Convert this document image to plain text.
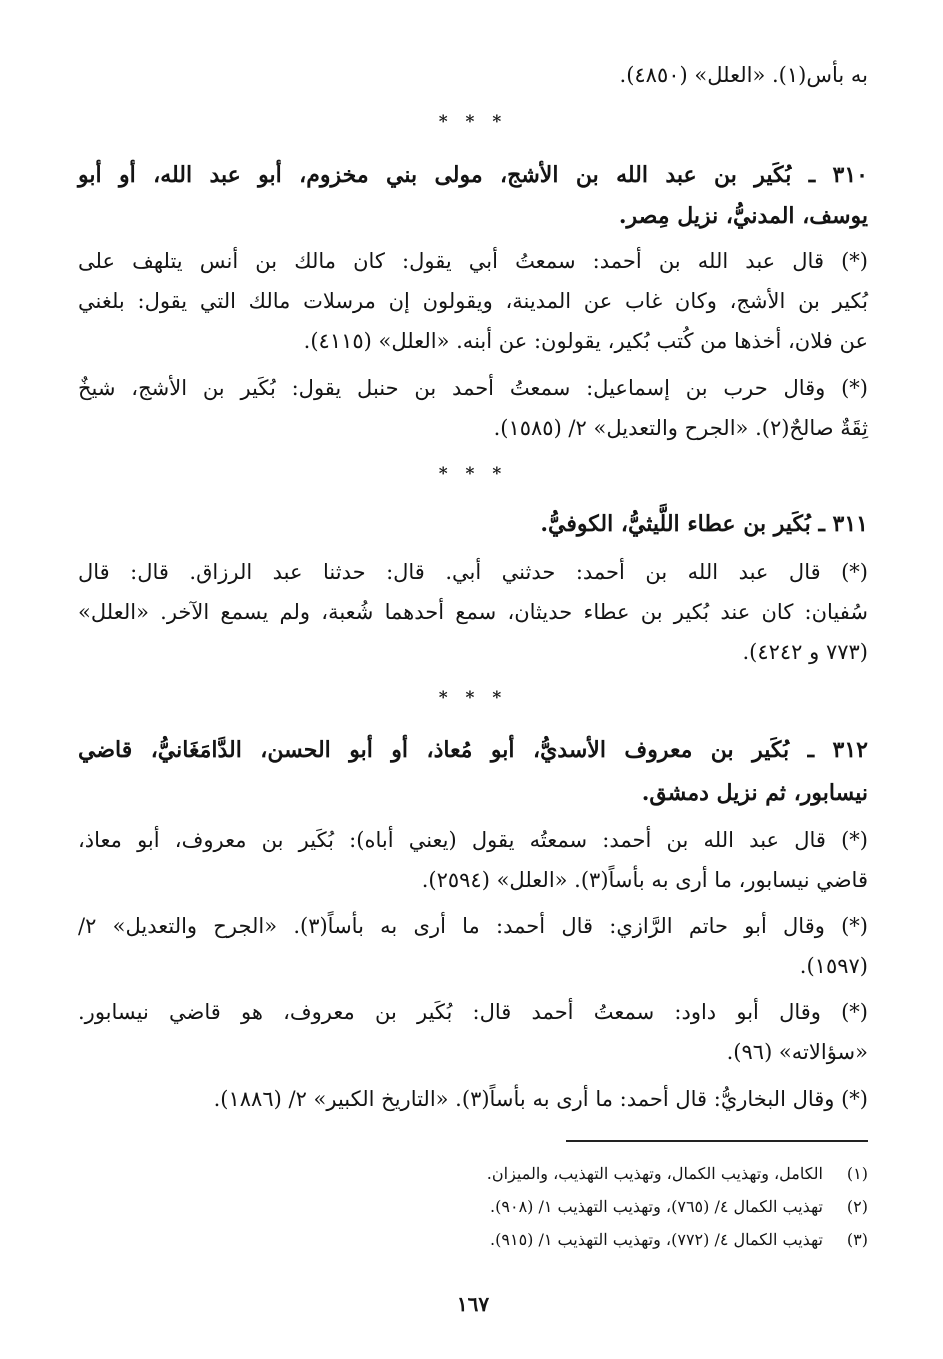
به بأس(١). «العلل» (٤٨٥٠).
* * *
٣١٠ ـ بُكَير بن عبد الله بن الأشج، مولى بني مخزوم، أبو عبد الله، أو أبو
يوسف، المدنيُّ، نزيل مِصر.
(*) قال عبد الله بن أحمد: سمعتُ أبي يقول: كان مالك بن أنس يتلهف على
بُكير بن الأشج، وكان غاب عن المدينة، ويقولون إن مرسلات مالك التي يقول: بلغني
عن فلان، أخذها من كُتب بُكير، يقولون: عن أبنه. «العلل» (٤١١٥).
(*) وقال حرب بن إسماعيل: سمعتُ أحمد بن حنبل يقول: بُكَير بن الأشج، شيخٌ
ثِقَةٌ صالحٌ(٢). «الجرح والتعديل» ٢/ (١٥٨٥).
* * *
٣١١ ـ بُكَير بن عطاء اللَّيثيُّ، الكوفيُّ.
(*) قال عبد الله بن أحمد: حدثني أبي. قال: حدثنا عبد الرزاق. قال: قال
سُفيان: كان عند بُكير بن عطاء حديثان، سمع أحدهما شُعبة، ولم يسمع الآخر. «العلل»
(٧٧٣ و ٤٢٤٢).
* * *
٣١٢ ـ بُكَير بن معروف الأسديُّ، أبو مُعاذ، أو أبو الحسن، الدَّامَغَانيُّ، قاضي
نيسابور، ثم نزيل دمشق.
(*) قال عبد الله بن أحمد: سمعتُه يقول (يعني أباه): بُكَير بن معروف، أبو معاذ،
قاضي نيسابور، ما أرى به بأساً(٣). «العلل» (٢٥٩٤).
(*) وقال أبو حاتم الرَّازي: قال أحمد: ما أرى به بأساً(٣). «الجرح والتعديل» ٢/
(١٥٩٧).
(*) وقال أبو داود: سمعتُ أحمد قال: بُكَير بن معروف، هو قاضي نيسابور.
«سؤالاته» (٩٦).
(*) وقال البخاريُّ: قال أحمد: ما أرى به بأساً(٣). «التاريخ الكبير» ٢/ (١٨٨٦).
(١) الكامل، وتهذيب الكمال، وتهذيب التهذيب، والميزان.
(٢) تهذيب الكمال ٤/ (٧٦٥)، وتهذيب التهذيب ١/ (٩٠٨).
(٣) تهذيب الكمال ٤/ (٧٧٢)، وتهذيب التهذيب ١/ (٩١٥).
١٦٧
